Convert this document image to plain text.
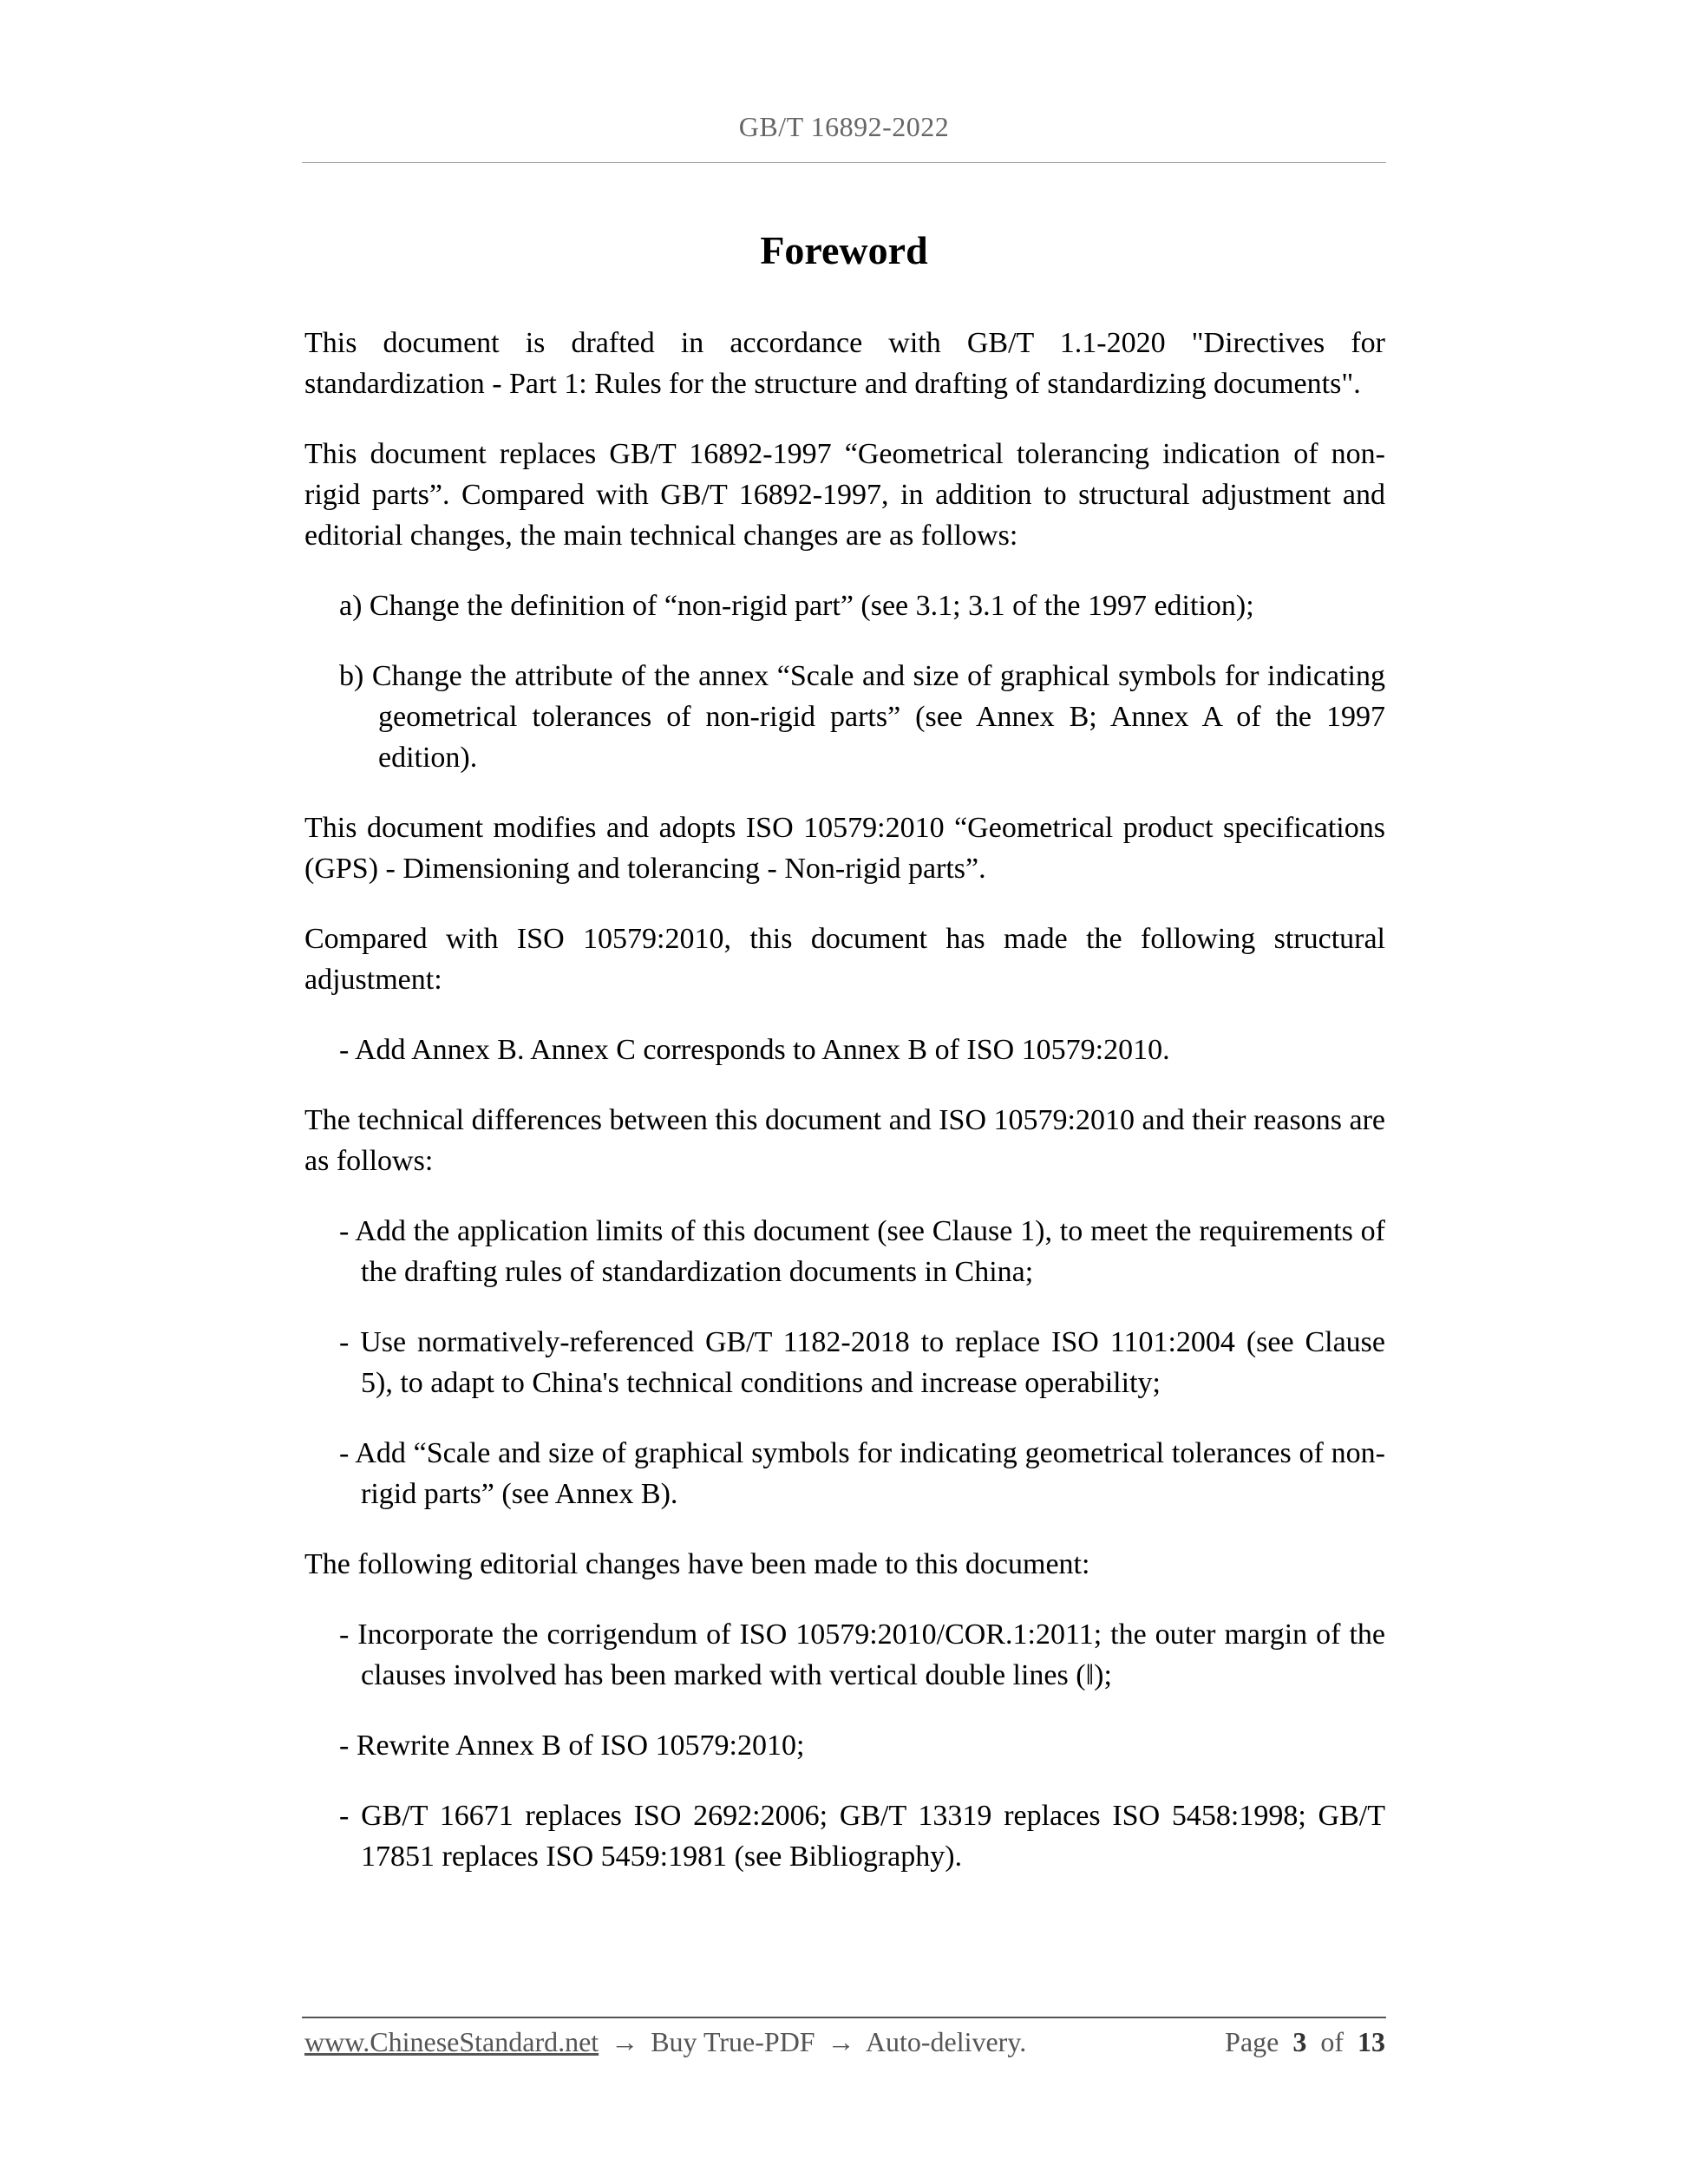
GB/T 16892-2022
Foreword

This document is drafted in accordance with GB/T 1.1-2020 "Directives for standardization - Part 1: Rules for the structure and drafting of standardizing documents".

This document replaces GB/T 16892-1997 “Geometrical tolerancing indication of non-rigid parts”. Compared with GB/T 16892-1997, in addition to structural adjustment and editorial changes, the main technical changes are as follows:

a) Change the definition of “non-rigid part” (see 3.1; 3.1 of the 1997 edition);
b) Change the attribute of the annex “Scale and size of graphical symbols for indicating geometrical tolerances of non-rigid parts” (see Annex B; Annex A of the 1997 edition).

This document modifies and adopts ISO 10579:2010 “Geometrical product specifications (GPS) - Dimensioning and tolerancing - Non-rigid parts”.

Compared with ISO 10579:2010, this document has made the following structural adjustment:

- Add Annex B. Annex C corresponds to Annex B of ISO 10579:2010.

The technical differences between this document and ISO 10579:2010 and their reasons are as follows:

- Add the application limits of this document (see Clause 1), to meet the requirements of the drafting rules of standardization documents in China;
- Use normatively-referenced GB/T 1182-2018 to replace ISO 1101:2004 (see Clause 5), to adapt to China's technical conditions and increase operability;
- Add “Scale and size of graphical symbols for indicating geometrical tolerances of non-rigid parts” (see Annex B).

The following editorial changes have been made to this document:

- Incorporate the corrigendum of ISO 10579:2010/COR.1:2011; the outer margin of the clauses involved has been marked with vertical double lines (‖);
- Rewrite Annex B of ISO 10579:2010;
- GB/T 16671 replaces ISO 2692:2006; GB/T 13319 replaces ISO 5458:1998; GB/T 17851 replaces ISO 5459:1981 (see Bibliography).
www.ChineseStandard.net → Buy True-PDF → Auto-delivery.	Page 3 of 13
